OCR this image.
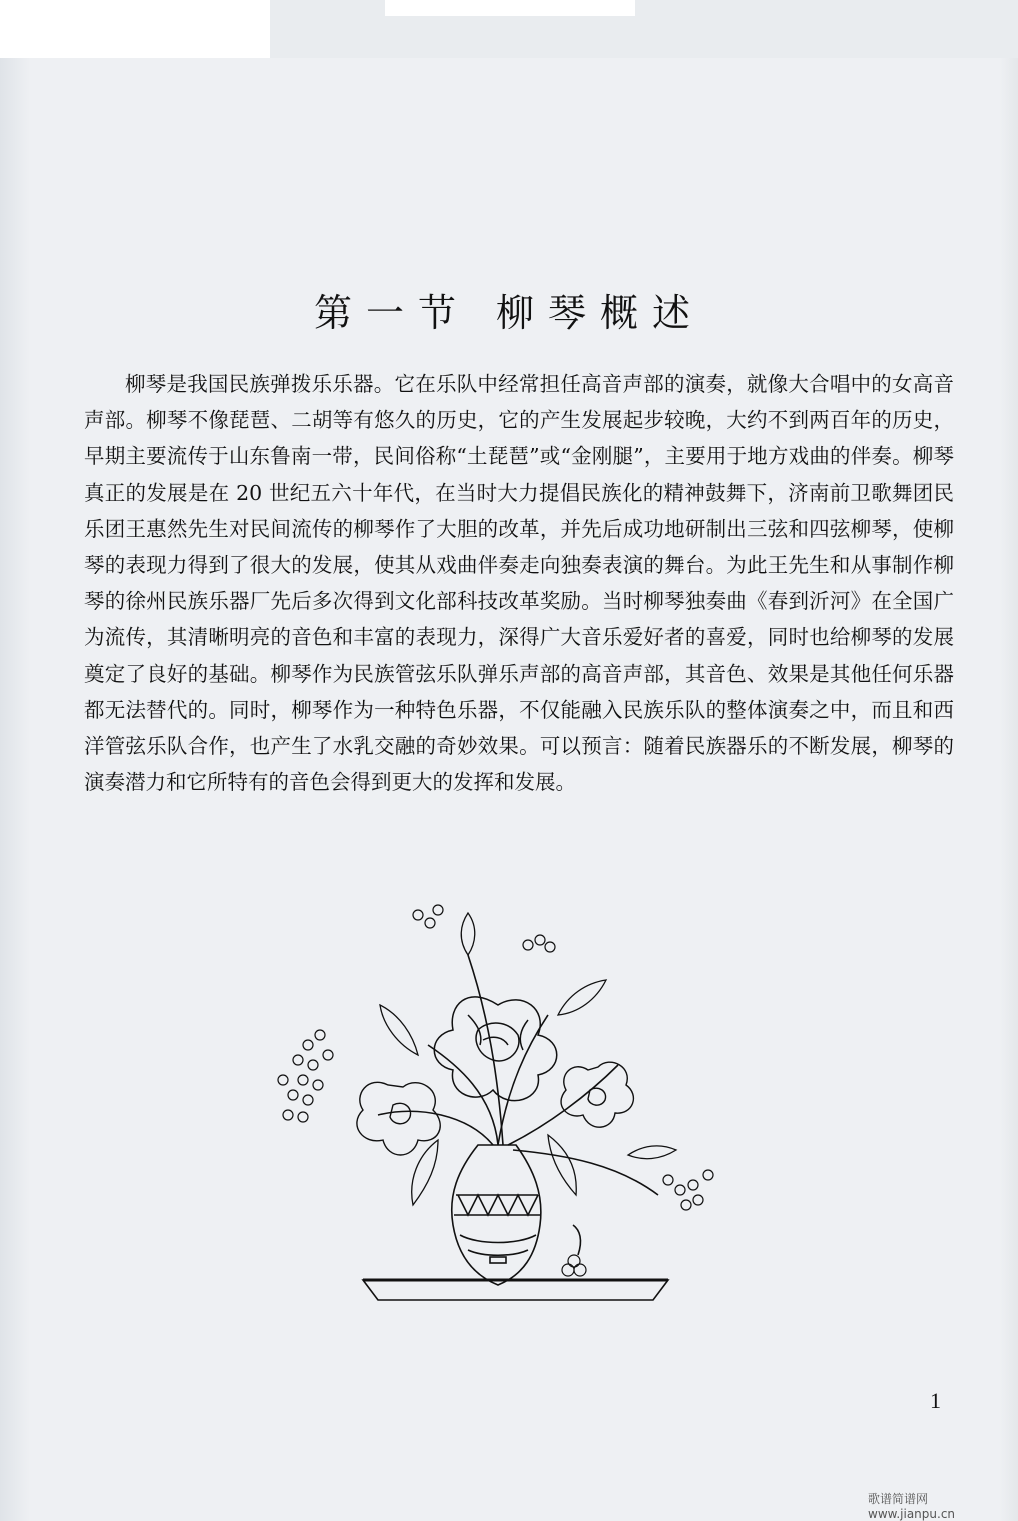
第一节 柳琴概述
柳琴是我国民族弹拨乐乐器。它在乐队中经常担任高音声部的演奏，就像大合唱中的女高音声部。柳琴不像琵琶、二胡等有悠久的历史，它的产生发展起步较晚，大约不到两百年的历史，早期主要流传于山东鲁南一带，民间俗称“土琵琶”或“金刚腿”，主要用于地方戏曲的伴奏。柳琴真正的发展是在 20 世纪五六十年代，在当时大力提倡民族化的精神鼓舞下，济南前卫歌舞团民乐团王惠然先生对民间流传的柳琴作了大胆的改革，并先后成功地研制出三弦和四弦柳琴，使柳琴的表现力得到了很大的发展，使其从戏曲伴奏走向独奏表演的舞台。为此王先生和从事制作柳琴的徐州民族乐器厂先后多次得到文化部科技改革奖励。当时柳琴独奏曲《春到沂河》在全国广为流传，其清晰明亮的音色和丰富的表现力，深得广大音乐爱好者的喜爱，同时也给柳琴的发展奠定了良好的基础。柳琴作为民族管弦乐队弹乐声部的高音声部，其音色、效果是其他任何乐器都无法替代的。同时，柳琴作为一种特色乐器，不仅能融入民族乐队的整体演奏之中，而且和西洋管弦乐队合作，也产生了水乳交融的奇妙效果。可以预言：随着民族器乐的不断发展，柳琴的演奏潜力和它所特有的音色会得到更大的发挥和发展。
1
歌谱简谱网 www.jianpu.cn
